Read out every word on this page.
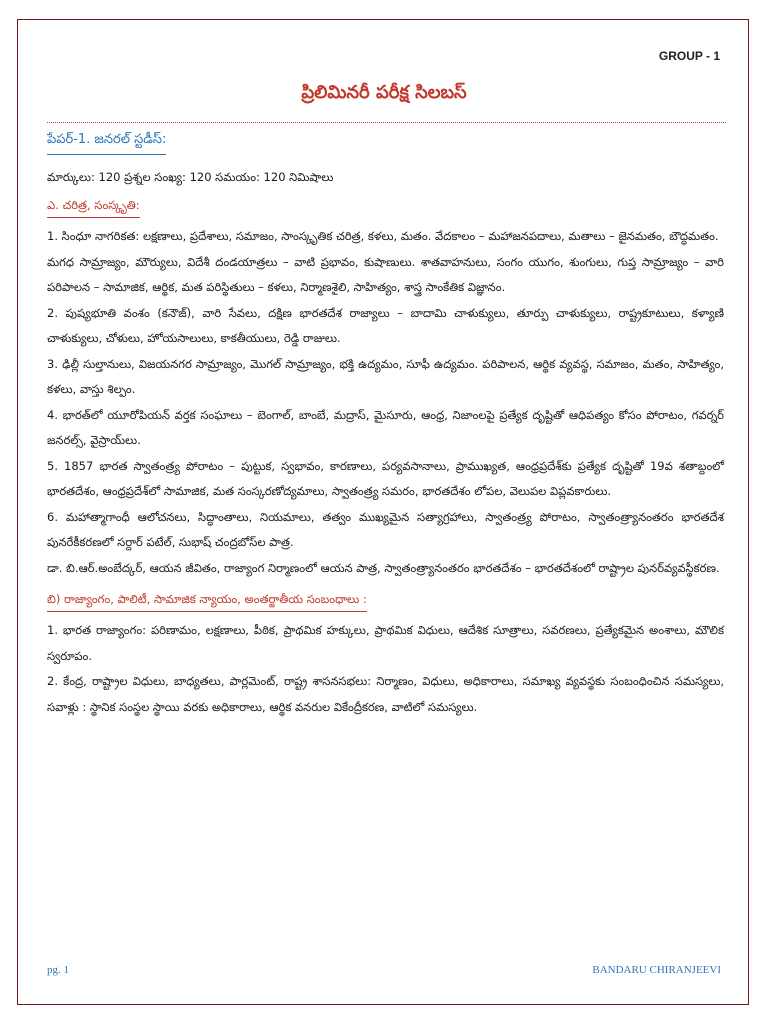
GROUP - 1
ప్రిలిమినరీ పరీక్ష సిలబస్
పేపర్-1. జనరల్ స్టడీస్:

మార్కులు: 120 ప్రశ్నల సంఖ్య: 120 సమయం: 120 నిమిషాలు

ఎ. చరిత్ర, సంస్కృతి:

1. సింధూ నాగరికత: లక్షణాలు, ప్రదేశాలు, సమాజం, సాంస్కృతిక చరిత్ర, కళలు, మతం. వేదకాలం – మహాజనపదాలు, మతాలు – జైనమతం, బౌద్ధమతం.

మగధ సామ్రాజ్యం, మౌర్యులు, విదేశీ దండయాత్రలు – వాటి ప్రభావం, కుషాణులు. శాతవాహనులు, సంగం యుగం, శుంగులు, గుప్త సామ్రాజ్యం – వారి పరిపాలన – సామాజిక, ఆర్థిక, మత పరిస్థితులు – కళలు, నిర్మాణశైలి, సాహిత్యం, శాస్త్ర సాంకేతిక విజ్ఞానం.

2. పుష్యభూతి వంశం (కనౌజ్), వారి సేవలు, దక్షిణ భారతదేశ రాజ్యాలు – బాదామి చాళుక్యులు, తూర్పు చాళుక్యులు, రాష్ట్రకూటులు, కళ్యాణి చాళుక్యులు, చోళులు, హోయసాలులు, కాకతీయులు, రెడ్డి రాజులు.

3. ఢిల్లీ సుల్తానులు, విజయనగర సామ్రాజ్యం, మొగల్ సామ్రాజ్యం, భక్తి ఉద్యమం, సూఫీ ఉద్యమం. పరిపాలన, ఆర్థిక వ్యవస్థ, సమాజం, మతం, సాహిత్యం, కళలు, వాస్తు శిల్పం.

4. భారత్‌లో యూరోపియన్ వర్తక సంఘాలు – బెంగాల్, బాంబే, మద్రాస్, మైసూరు, ఆంధ్ర, నిజాంలపై ప్రత్యేక దృష్టితో ఆధిపత్యం కోసం పోరాటం, గవర్నర్ జనరల్స్, వైస్రాయ్‌లు.

5. 1857 భారత స్వాతంత్ర్య పోరాటం – పుట్టుక, స్వభావం, కారణాలు, పర్యవసానాలు, ప్రాముఖ్యత, ఆంధ్రప్రదేశ్‌కు ప్రత్యేక దృష్టితో 19వ శతాబ్దంలో భారతదేశం, ఆంధ్రప్రదేశ్‌లో సామాజిక, మత సంస్కరణోద్యమాలు, స్వాతంత్ర్య సమరం, భారతదేశం లోపల, వెలుపల విప్లవకారులు.

6. మహాత్మాగాంధీ ఆలోచనలు, సిద్ధాంతాలు, నియమాలు, తత్వం ముఖ్యమైన సత్యాగ్రహాలు, స్వాతంత్ర్య పోరాటం, స్వాతంత్ర్యానంతరం భారతదేశ పునరేకీకరణలో సర్దార్ పటేల్, సుభాష్ చంద్రబోస్‌ల పాత్ర.

డా. బి.ఆర్.అంబేద్కర్, ఆయన జీవితం, రాజ్యాంగ నిర్మాణంలో ఆయన పాత్ర, స్వాతంత్ర్యానంతరం భారతదేశం – భారతదేశంలో రాష్ట్రాల పునర్‌వ్యవస్థీకరణ.

బి) రాజ్యాంగం, పాలిటీ, సామాజిక న్యాయం, అంతర్జాతీయ సంబంధాలు :

1. భారత రాజ్యాంగం: పరిణామం, లక్షణాలు, పీఠిక, ప్రాథమిక హక్కులు, ప్రాథమిక విధులు, ఆదేశిక సూత్రాలు, సవరణలు, ప్రత్యేకమైన అంశాలు, మౌలిక స్వరూపం.

2. కేంద్ర, రాష్ట్రాల విధులు, బాధ్యతలు, పార్లమెంట్, రాష్ట్ర శాసనసభలు: నిర్మాణం, విధులు, అధికారాలు, సమాఖ్య వ్యవస్థకు సంబంధించిన సమస్యలు, సవాళ్లు : స్థానిక సంస్థల స్థాయి వరకు అధికారాలు, ఆర్థిక వనరుల వికేంద్రీకరణ, వాటిలో సమస్యలు.

pg. 1	BANDARU CHIRANJEEVI
